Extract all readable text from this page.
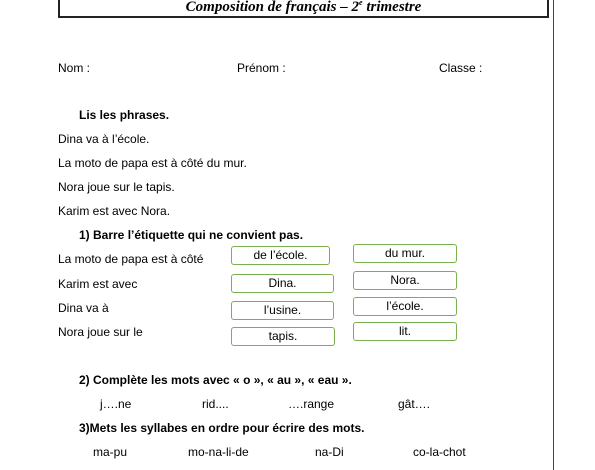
Composition de français – 2e trimestre
Nom :	Prénom :	Classe :
Lis les phrases.
Dina va à l’école.
La moto de papa est à côté du mur.
Nora joue sur le tapis.
Karim est avec Nora.
1) Barre l’étiquette qui ne convient pas.
La moto de papa est à côté	de l’école.	du mur.
Karim est avec	Dina.	Nora.
Dina va à	l’usine.	l’école.
Nora joue sur le	tapis.	lit.
2) Complète les mots avec « o », « au », « eau ».
j….ne	rid....	….range	gât….
3)Mets les syllabes en ordre pour écrire des mots.
ma-pu	mo-na-li-de	na-Di	co-la-chot
